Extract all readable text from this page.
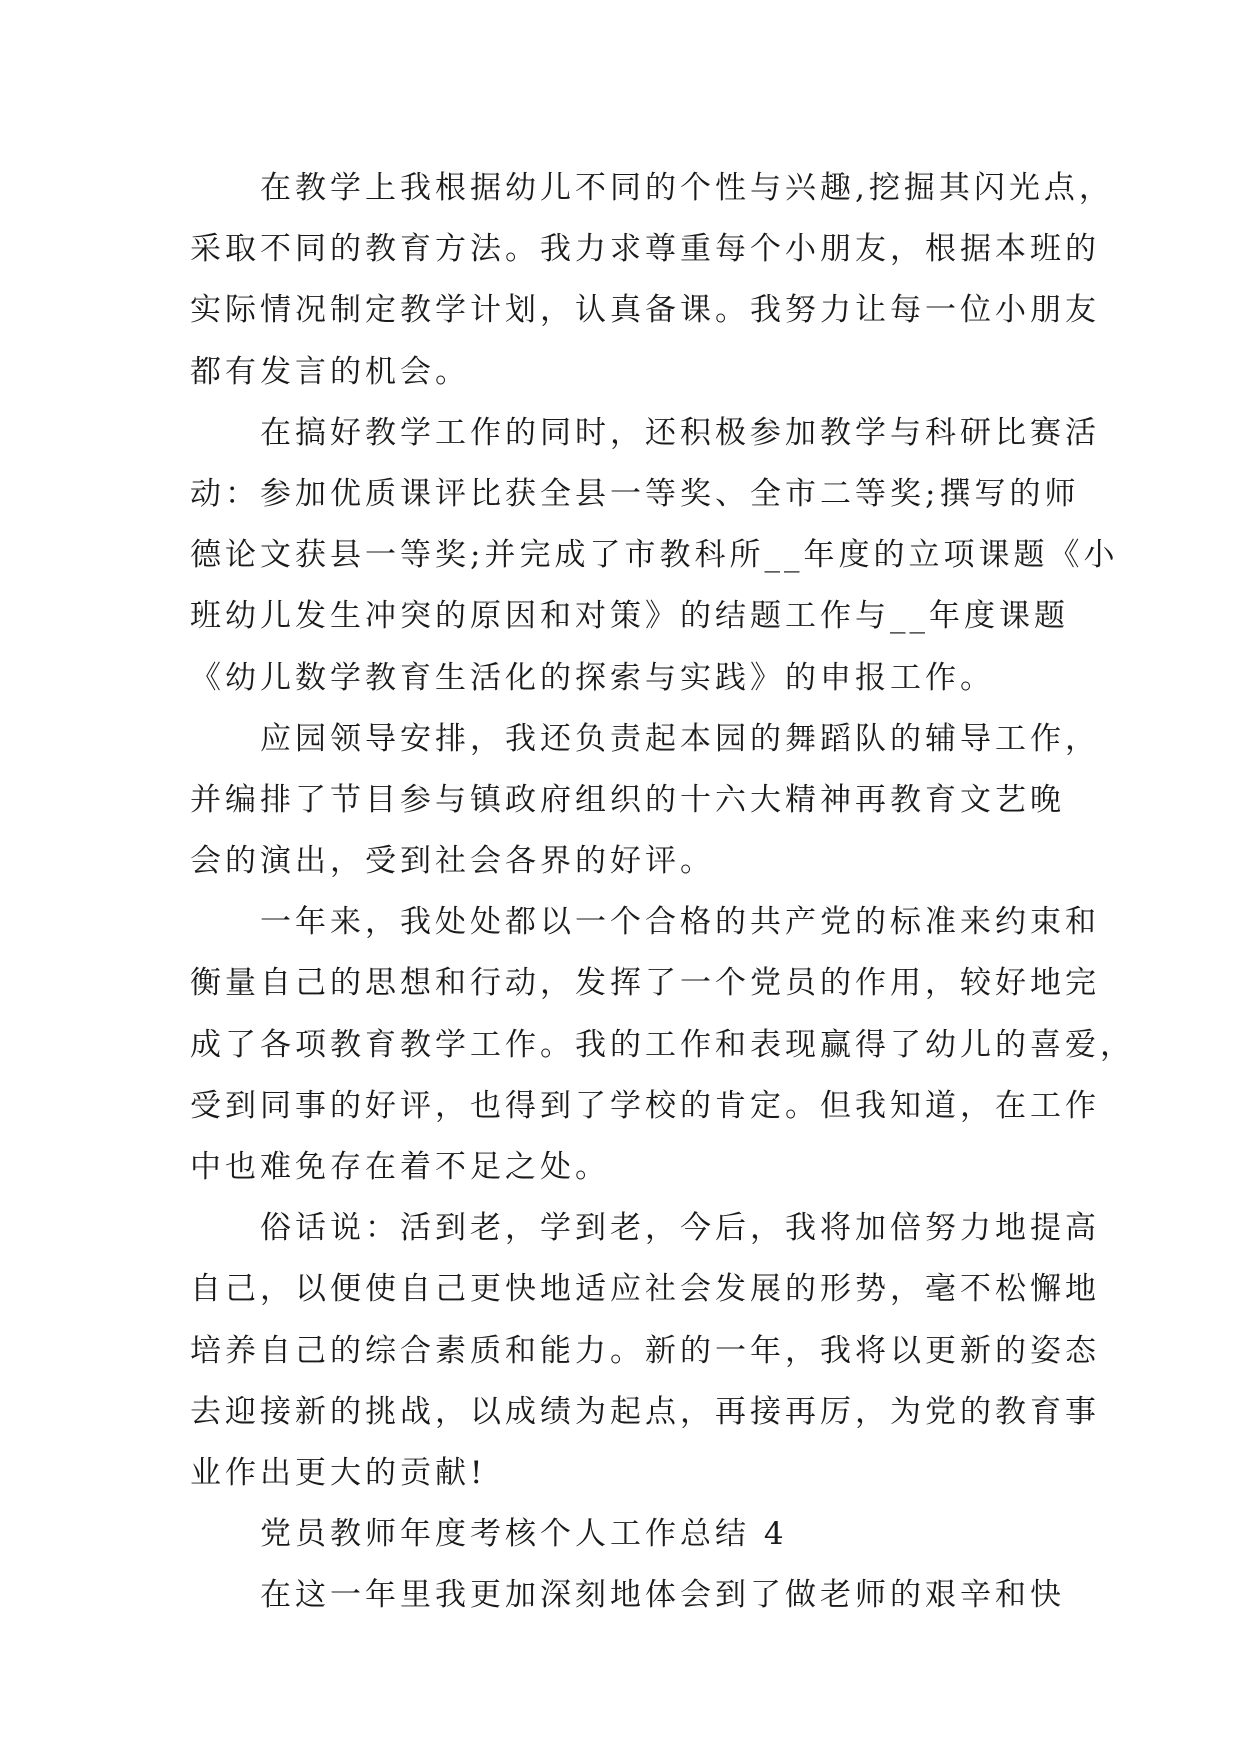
　　在教学上我根据幼儿不同的个性与兴趣,挖掘其闪光点，
采取不同的教育方法。我力求尊重每个小朋友，根据本班的
实际情况制定教学计划，认真备课。我努力让每一位小朋友
都有发言的机会。
　　在搞好教学工作的同时，还积极参加教学与科研比赛活
动：参加优质课评比获全县一等奖、全市二等奖;撰写的师
德论文获县一等奖;并完成了市教科所__年度的立项课题《小
班幼儿发生冲突的原因和对策》的结题工作与__年度课题
《幼儿数学教育生活化的探索与实践》的申报工作。
　　应园领导安排，我还负责起本园的舞蹈队的辅导工作，
并编排了节目参与镇政府组织的十六大精神再教育文艺晚
会的演出，受到社会各界的好评。
　　一年来，我处处都以一个合格的共产党的标准来约束和
衡量自己的思想和行动，发挥了一个党员的作用，较好地完
成了各项教育教学工作。我的工作和表现赢得了幼儿的喜爱，
受到同事的好评，也得到了学校的肯定。但我知道，在工作
中也难免存在着不足之处。
　　俗话说：活到老，学到老，今后，我将加倍努力地提高
自己，以便使自己更快地适应社会发展的形势，毫不松懈地
培养自己的综合素质和能力。新的一年，我将以更新的姿态
去迎接新的挑战，以成绩为起点，再接再厉，为党的教育事
业作出更大的贡献!
　　党员教师年度考核个人工作总结 4
　　在这一年里我更加深刻地体会到了做老师的艰辛和快
